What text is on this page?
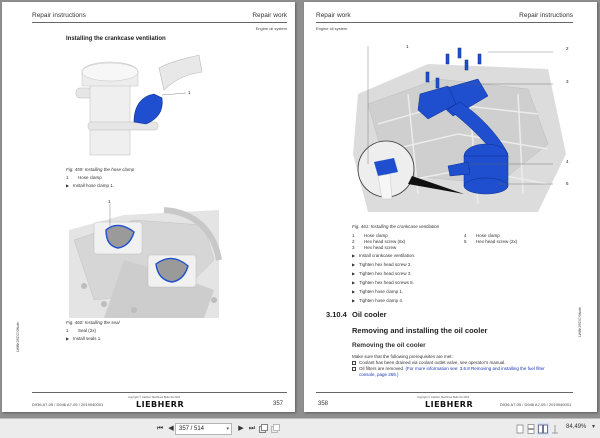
Repair instructions	Repair work
Engine oil system
Installing the crankcase ventilation
1
Fig. 459: Installing the hose clamp
1 Hose clamp
▶ Install hose clamp 1.
1
Fig. 460: Installing the seal
1 Seal (2x)
▶ Install seals 1.
LWBK09Z47/0Note
D936 A7-05 / D946 A7-05 / 2019040001
copyright © Liebherr Machines Bulle SA 2021
LIEBHERR	357
Repair work	Repair instructions
Engine oil system
1	2
3
4
5
Fig. 461: Installing the crankcase ventilation
1 Hose clamp
2 Hex head screw (6x)
3 Hex head screw
4 Hose clamp
5 Hex head screw (2x)
▶ Install crankcase ventilation.
▶ Tighten hex head screw 2.
▶ Tighten hex head screw 3.
▶ Tighten hex head screws 5.
▶ Tighten hose clamp 1.
▶ Tighten hose clamp 4.
3.10.4 Oil cooler
Removing and installing the oil cooler
Removing the oil cooler
Make sure that the following prerequisites are met:
Coolant has been drained via coolant outlet valve, see operator's manual.
Oil filters are removed. (For more information see: 3.6.8 Removing and installing the fuel filter
console, page 269.)
LWBK09Z47/0Note
358
copyright © Liebherr Machines Bulle SA 2021
LIEBHERR	D936 A7-05 / D946 A7-05 / 2019040001
⏮ ◀ 357 / 514	▾	▶ ⏭	84,49% ▾
